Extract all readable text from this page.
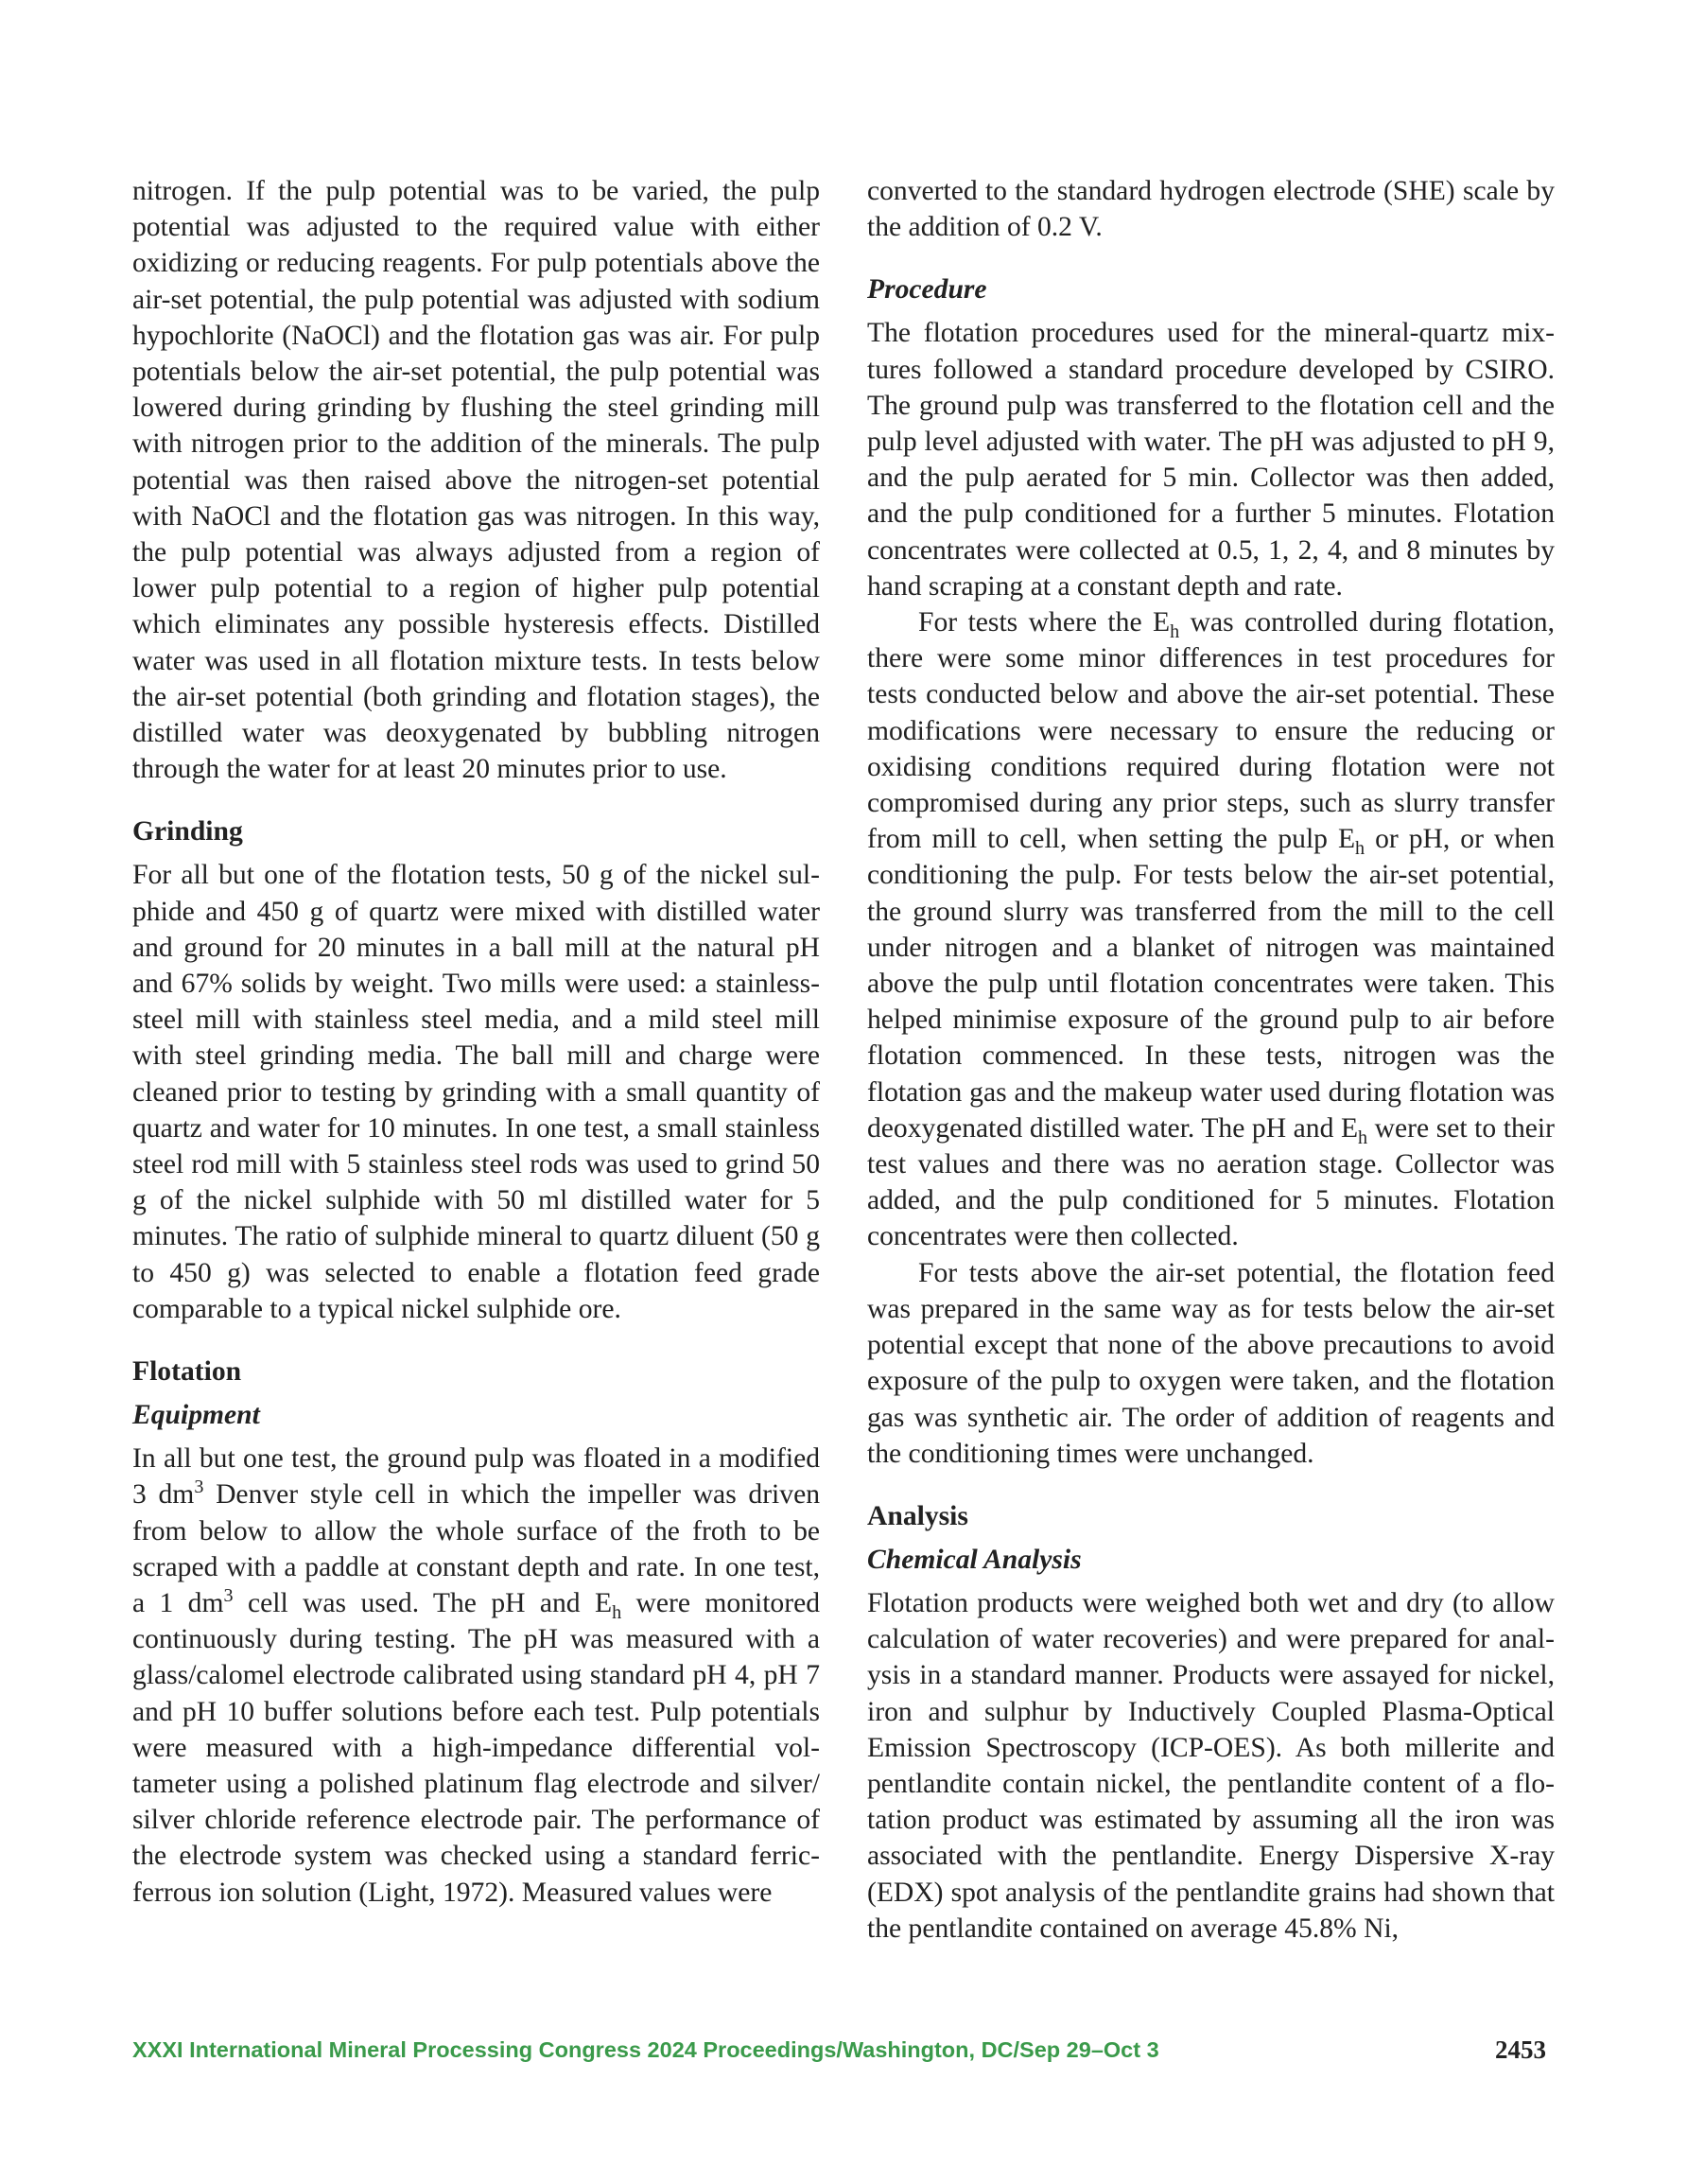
nitrogen. If the pulp potential was to be varied, the pulp potential was adjusted to the required value with either oxidizing or reducing reagents. For pulp potentials above the air-set potential, the pulp potential was adjusted with sodium hypochlorite (NaOCl) and the flotation gas was air. For pulp potentials below the air-set potential, the pulp potential was lowered during grinding by flushing the steel grinding mill with nitrogen prior to the addition of the minerals. The pulp potential was then raised above the nitrogen-set potential with NaOCl and the flotation gas was nitrogen. In this way, the pulp potential was always adjusted from a region of lower pulp potential to a region of higher pulp potential which eliminates any possible hysteresis effects. Distilled water was used in all flotation mixture tests. In tests below the air-set potential (both grinding and flotation stages), the distilled water was deoxygenated by bubbling nitrogen through the water for at least 20 minutes prior to use.

Grinding

For all but one of the flotation tests, 50 g of the nickel sulphide and 450 g of quartz were mixed with distilled water and ground for 20 minutes in a ball mill at the natural pH and 67% solids by weight. Two mills were used: a stainless-steel mill with stainless steel media, and a mild steel mill with steel grinding media. The ball mill and charge were cleaned prior to testing by grinding with a small quantity of quartz and water for 10 minutes. In one test, a small stainless steel rod mill with 5 stainless steel rods was used to grind 50 g of the nickel sulphide with 50 ml distilled water for 5 minutes. The ratio of sulphide mineral to quartz diluent (50 g to 450 g) was selected to enable a flotation feed grade comparable to a typical nickel sulphide ore.

Flotation
Equipment

In all but one test, the ground pulp was floated in a modified 3 $dm^3$ Denver style cell in which the impeller was driven from below to allow the whole surface of the froth to be scraped with a paddle at constant depth and rate. In one test, a 1 $dm^3$ cell was used. The pH and $E_h$ were monitored continuously during testing. The pH was measured with a glass/calomel electrode calibrated using standard pH 4, pH 7 and pH 10 buffer solutions before each test. Pulp potentials were measured with a high-impedance differential voltameter using a polished platinum flag electrode and silver/ silver chloride reference electrode pair. The performance of the electrode system was checked using a standard ferric-ferrous ion solution (Light, 1972). Measured values were

converted to the standard hydrogen electrode (SHE) scale by the addition of 0.2 V.

Procedure

The flotation procedures used for the mineral-quartz mixtures followed a standard procedure developed by CSIRO. The ground pulp was transferred to the flotation cell and the pulp level adjusted with water. The pH was adjusted to pH 9, and the pulp aerated for 5 min. Collector was then added, and the pulp conditioned for a further 5 minutes. Flotation concentrates were collected at 0.5, 1, 2, 4, and 8 minutes by hand scraping at a constant depth and rate.

For tests where the $E_h$ was controlled during flotation, there were some minor differences in test procedures for tests conducted below and above the air-set potential. These modifications were necessary to ensure the reducing or oxidising conditions required during flotation were not compromised during any prior steps, such as slurry transfer from mill to cell, when setting the pulp $E_h$ or pH, or when conditioning the pulp. For tests below the air-set potential, the ground slurry was transferred from the mill to the cell under nitrogen and a blanket of nitrogen was maintained above the pulp until flotation concentrates were taken. This helped minimise exposure of the ground pulp to air before flotation commenced. In these tests, nitrogen was the flotation gas and the makeup water used during flotation was deoxygenated distilled water. The pH and $E_h$ were set to their test values and there was no aeration stage. Collector was added, and the pulp conditioned for 5 minutes. Flotation concentrates were then collected.

For tests above the air-set potential, the flotation feed was prepared in the same way as for tests below the air-set potential except that none of the above precautions to avoid exposure of the pulp to oxygen were taken, and the flotation gas was synthetic air. The order of addition of reagents and the conditioning times were unchanged.

Analysis
Chemical Analysis

Flotation products were weighed both wet and dry (to allow calculation of water recoveries) and were prepared for analysis in a standard manner. Products were assayed for nickel, iron and sulphur by Inductively Coupled Plasma-Optical Emission Spectroscopy (ICP-OES). As both millerite and pentlandite contain nickel, the pentlandite content of a flotation product was estimated by assuming all the iron was associated with the pentlandite. Energy Dispersive X-ray (EDX) spot analysis of the pentlandite grains had shown that the pentlandite contained on average 45.8% Ni,

XXXI International Mineral Processing Congress 2024 Proceedings/Washington, DC/Sep 29–Oct 3	2453
